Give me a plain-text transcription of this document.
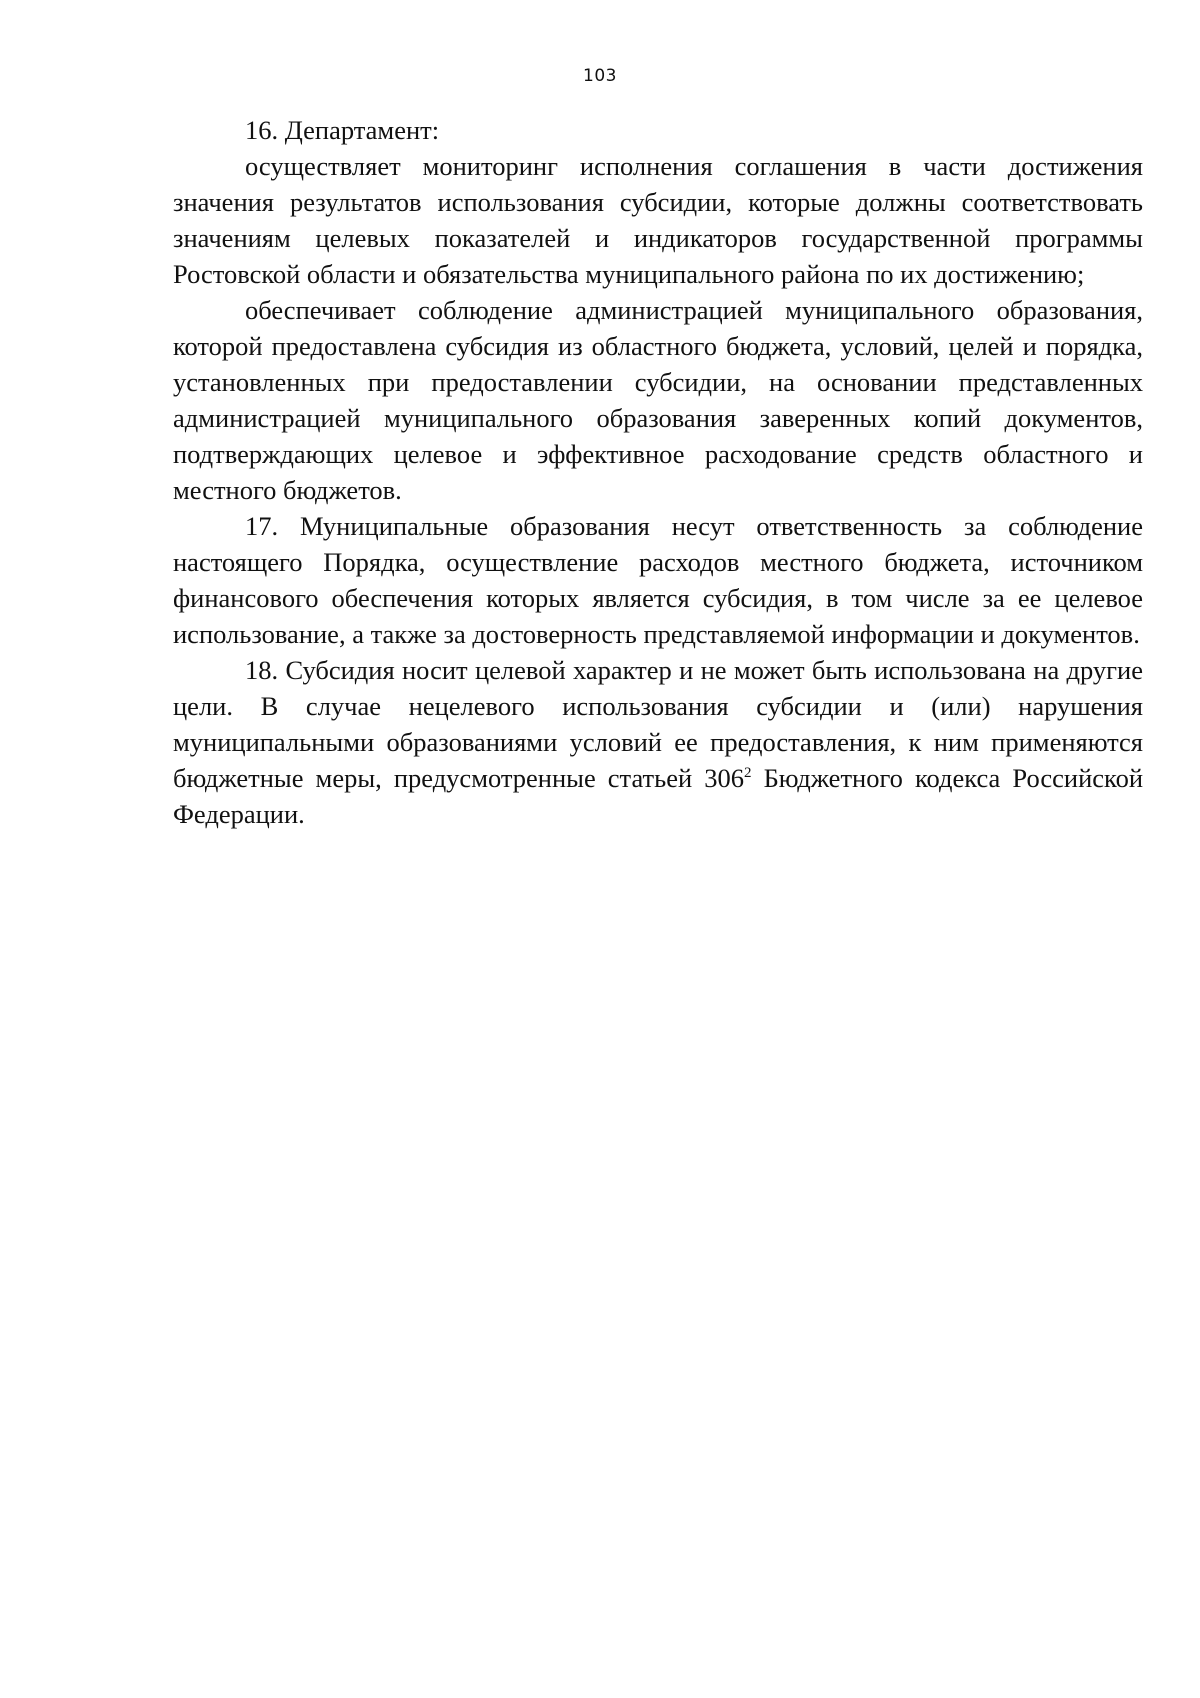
103

16. Департамент:

осуществляет мониторинг исполнения соглашения в части достижения значения результатов использования субсидии, которые должны соответствовать значениям целевых показателей и индикаторов государственной программы Ростовской области и обязательства муниципального района по их достижению;

обеспечивает соблюдение администрацией муниципального образования, которой предоставлена субсидия из областного бюджета, условий, целей и порядка, установленных при предоставлении субсидии, на основании представленных администрацией муниципального образования заверенных копий документов, подтверждающих целевое и эффективное расходование средств областного и местного бюджетов.

17. Муниципальные образования несут ответственность за соблюдение настоящего Порядка, осуществление расходов местного бюджета, источником финансового обеспечения которых является субсидия, в том числе за ее целевое использование, а также за достоверность представляемой информации и документов.

18. Субсидия носит целевой характер и не может быть использована на другие цели. В случае нецелевого использования субсидии и (или) нарушения муниципальными образованиями условий ее предоставления, к ним применяются бюджетные меры, предусмотренные статьей $306^2$ Бюджетного кодекса Российской Федерации.
